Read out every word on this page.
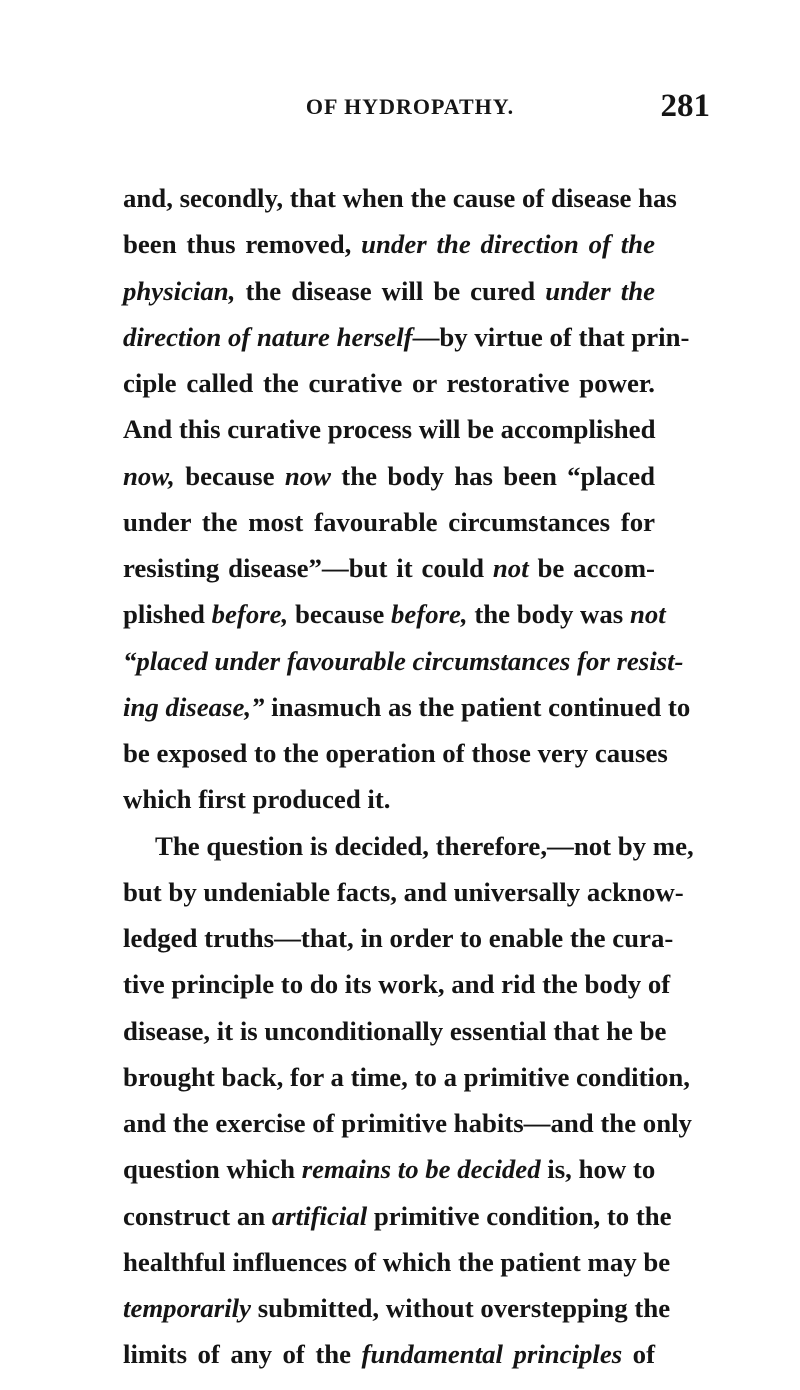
OF HYDROPATHY.	281
and, secondly, that when the cause of disease has
been thus removed, under the direction of the
physician, the disease will be cured under the
direction of nature herself—by virtue of that prin-
ciple called the curative or restorative power.
And this curative process will be accomplished
now, because now the body has been “placed
under the most favourable circumstances for
resisting disease”—but it could not be accom-
plished before, because before, the body was not
“placed under favourable circumstances for resist-
ing disease,” inasmuch as the patient continued to
be exposed to the operation of those very causes
which first produced it.
The question is decided, therefore,—not by me,
but by undeniable facts, and universally acknow-
ledged truths—that, in order to enable the cura-
tive principle to do its work, and rid the body of
disease, it is unconditionally essential that he be
brought back, for a time, to a primitive condition,
and the exercise of primitive habits—and the only
question which remains to be decided is, how to
construct an artificial primitive condition, to the
healthful influences of which the patient may be
temporarily submitted, without overstepping the
limits of any of the fundamental principles of
